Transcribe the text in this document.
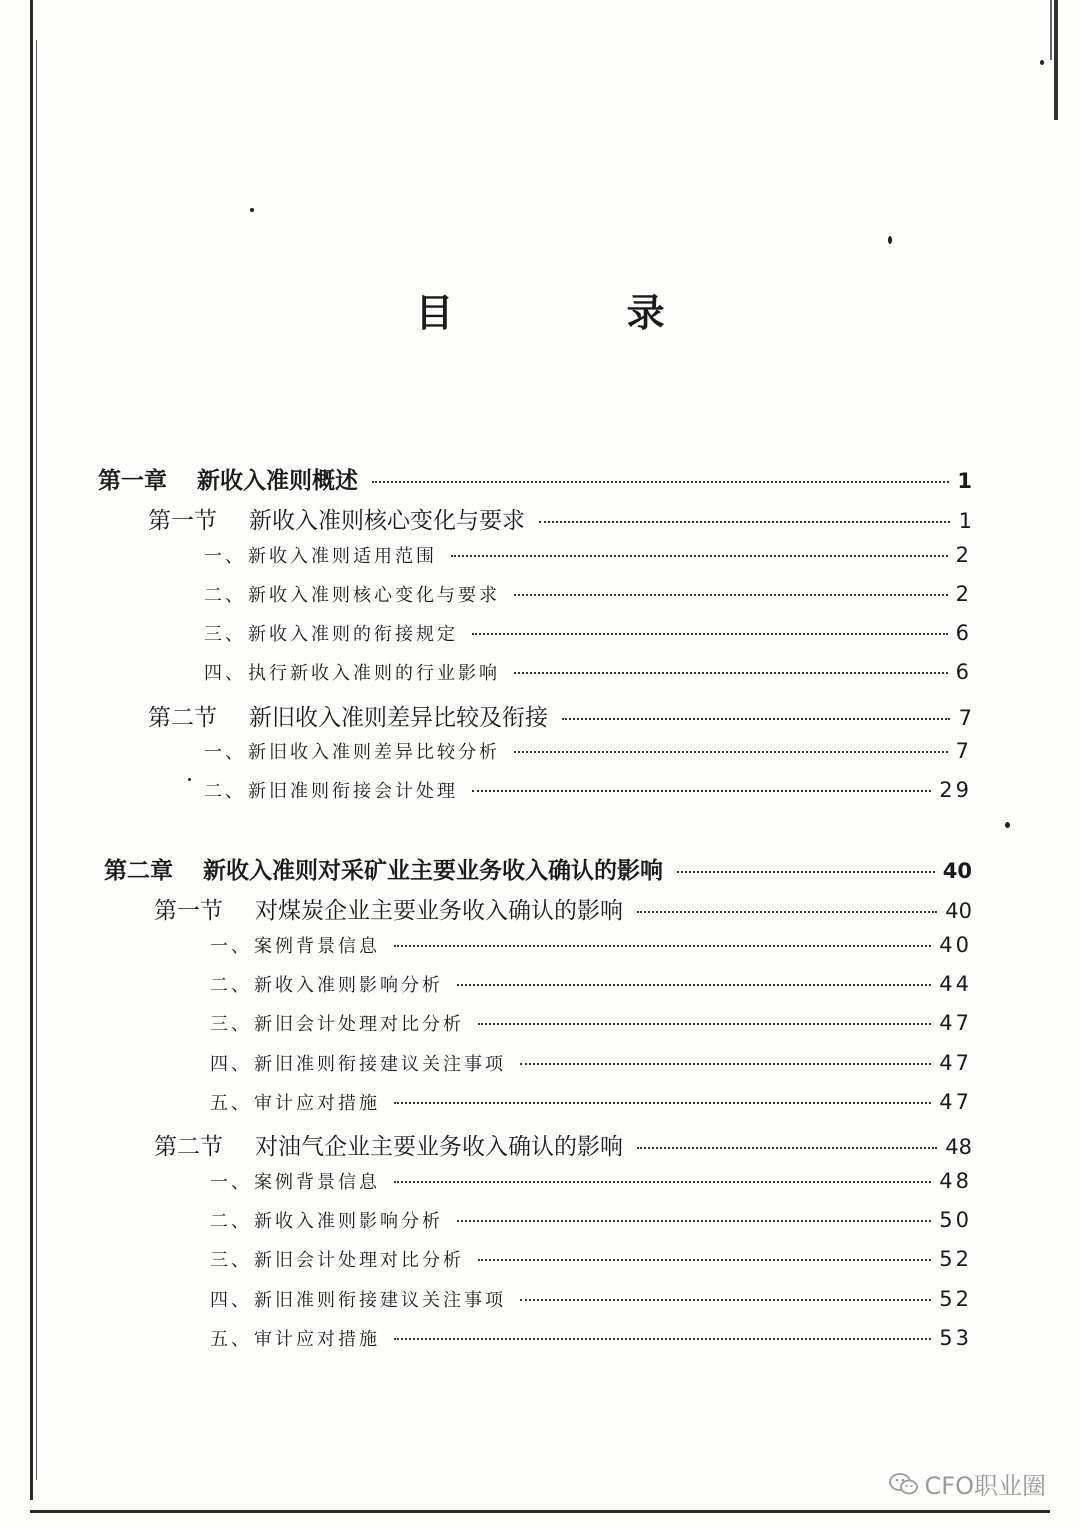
目 录
第一章 新收入准则概述	1
第一节 新收入准则核心变化与要求	1
一、 新收入准则适用范围	2
二、 新收入准则核心变化与要求	2
三、 新收入准则的衔接规定	6
四、 执行新收入准则的行业影响	6
第二节 新旧收入准则差异比较及衔接	7
一、 新旧收入准则差异比较分析	7
二、 新旧准则衔接会计处理	29
第二章 新收入准则对采矿业主要业务收入确认的影响	40
第一节 对煤炭企业主要业务收入确认的影响	40
一、 案例背景信息	40
二、 新收入准则影响分析	44
三、 新旧会计处理对比分析	47
四、 新旧准则衔接建议关注事项	47
五、 审计应对措施	47
第二节 对油气企业主要业务收入确认的影响	48
一、 案例背景信息	48
二、 新收入准则影响分析	50
三、 新旧会计处理对比分析	52
四、 新旧准则衔接建议关注事项	52
五、 审计应对措施	53
CFO职业圈
